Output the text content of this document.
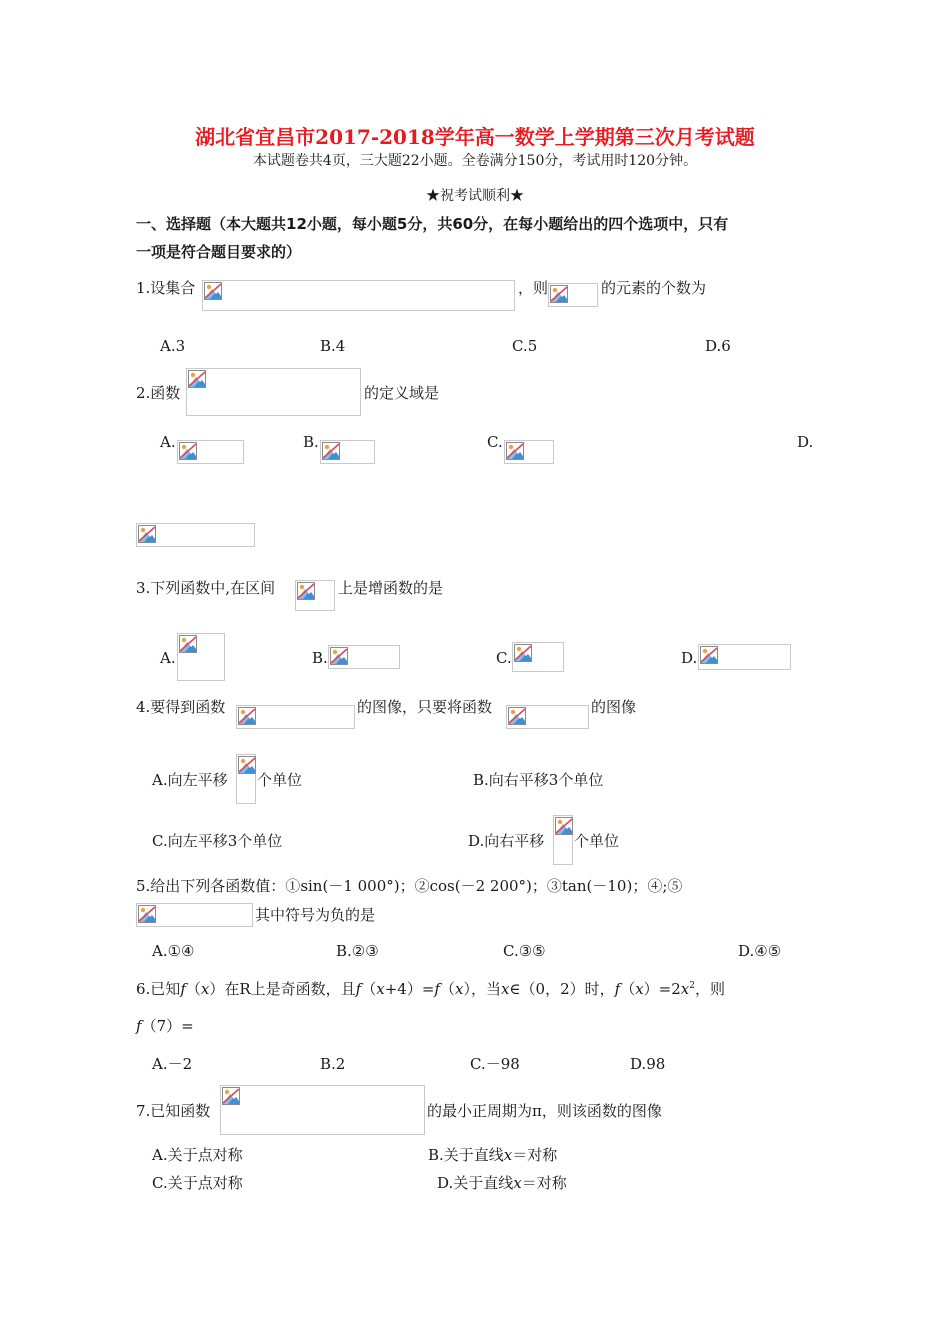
湖北省宜昌市2017-2018学年高一数学上学期第三次月考试题
本试题卷共4页，三大题22小题。全卷满分150分，考试用时120分钟。
★祝考试顺利★
一、选择题（本大题共12小题，每小题5分，共60分，在每小题给出的四个选项中，只有
一项是符合题目要求的）
1.设集合	，则	的元素的个数为
A.3	B.4	C.5	D.6
2.函数	的定义域是
A.	B.	C.	D.
3.下列函数中,在区间	上是增函数的是
A.	B.	C.	D.
4.要得到函数	的图像，只要将函数	的图像
A.向左平移 个单位	B.向右平移3个单位
C.向左平移3个单位	D.向右平移 个单位
5.给出下列各函数值：①sin(－1 000°)；②cos(－2 200°)；③tan(－10)；④;⑤
其中符号为负的是
A.①④	B.②③	C.③⑤	D.④⑤
6.已知f（x）在R上是奇函数，且f（x+4）=f（x），当x∈（0，2）时，$f(x)=2x^2$，则
f（7）=
A.－2	B.2	C.－98	D.98
7.已知函数	的最小正周期为π，则该函数的图像
A.关于点对称	B.关于直线x＝对称
C.关于点对称	D.关于直线x＝对称
